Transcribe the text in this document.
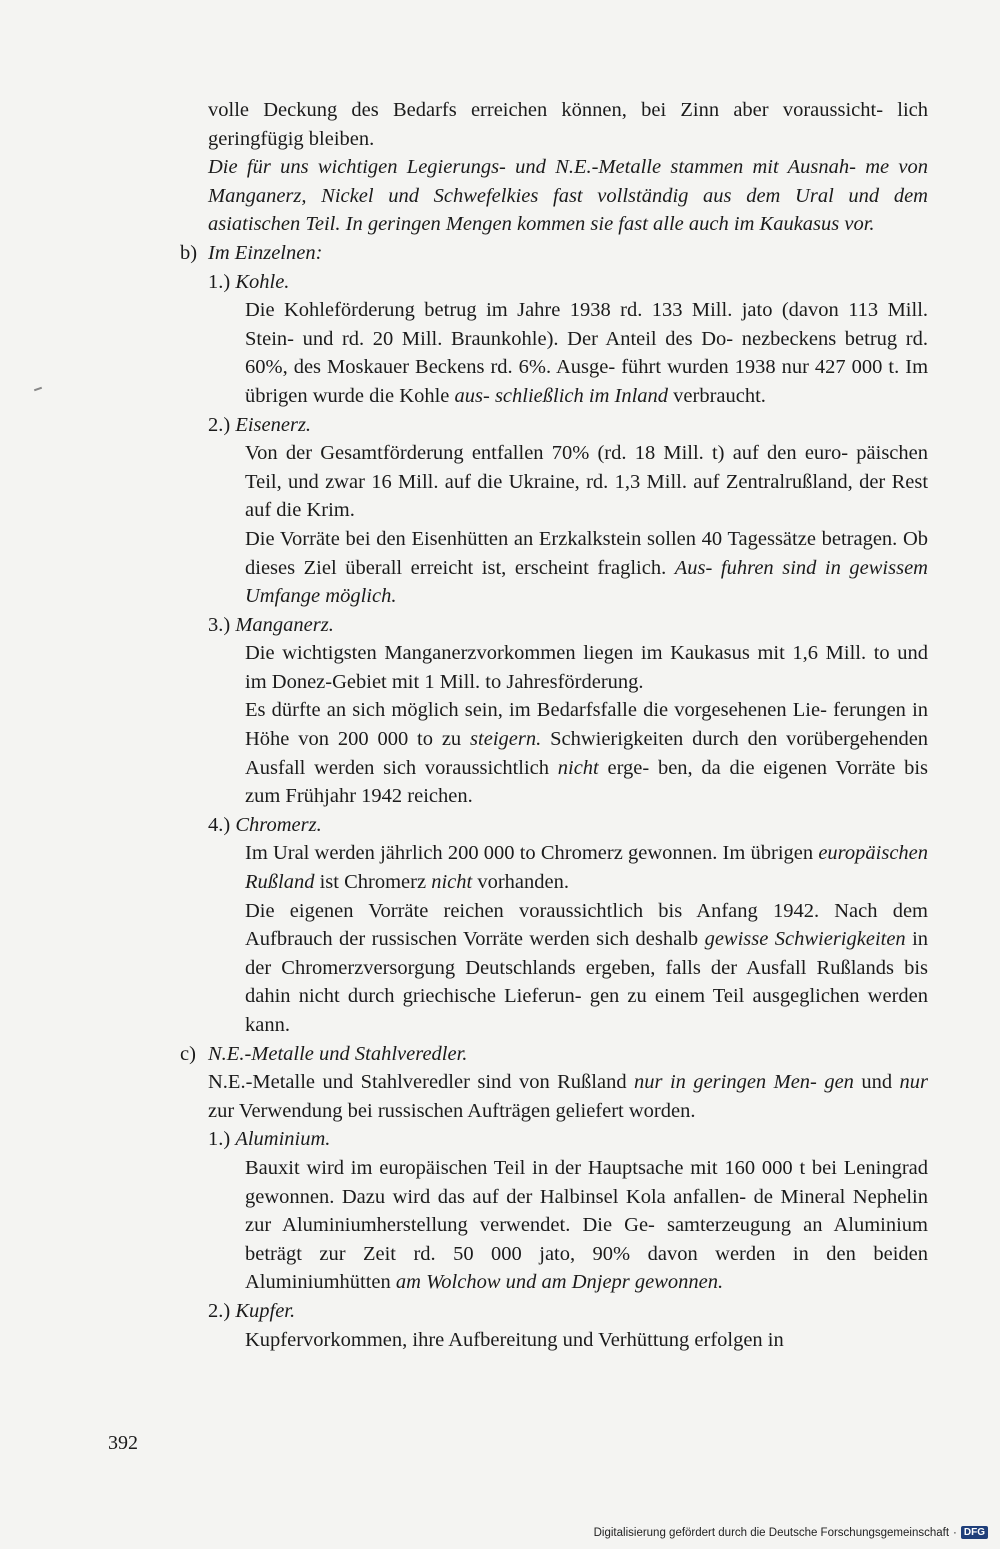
volle Deckung des Bedarfs erreichen können, bei Zinn aber voraussicht- lich geringfügig bleiben.

Die für uns wichtigen Legierungs- und N.E.-Metalle stammen mit Ausnah- me von Manganerz, Nickel und Schwefelkies fast vollständig aus dem Ural und dem asiatischen Teil. In geringen Mengen kommen sie fast alle auch im Kaukasus vor.

b) Im Einzelnen:

1.) Kohle.

Die Kohleförderung betrug im Jahre 1938 rd. 133 Mill. jato (davon 113 Mill. Stein- und rd. 20 Mill. Braunkohle). Der Anteil des Do- nezbeckens betrug rd. 60%, des Moskauer Beckens rd. 6%. Ausge- führt wurden 1938 nur 427 000 t. Im übrigen wurde die Kohle aus- schließlich im Inland verbraucht.

2.) Eisenerz.

Von der Gesamtförderung entfallen 70% (rd. 18 Mill. t) auf den euro- päischen Teil, und zwar 16 Mill. auf die Ukraine, rd. 1,3 Mill. auf Zentralrußland, der Rest auf die Krim.

Die Vorräte bei den Eisenhütten an Erzkalkstein sollen 40 Tagessätze betragen. Ob dieses Ziel überall erreicht ist, erscheint fraglich. Aus- fuhren sind in gewissem Umfange möglich.

3.) Manganerz.

Die wichtigsten Manganerzvorkommen liegen im Kaukasus mit 1,6 Mill. to und im Donez-Gebiet mit 1 Mill. to Jahresförderung.

Es dürfte an sich möglich sein, im Bedarfsfalle die vorgesehenen Lie- ferungen in Höhe von 200 000 to zu steigern. Schwierigkeiten durch den vorübergehenden Ausfall werden sich voraussichtlich nicht erge- ben, da die eigenen Vorräte bis zum Frühjahr 1942 reichen.

4.) Chromerz.

Im Ural werden jährlich 200 000 to Chromerz gewonnen. Im übrigen europäischen Rußland ist Chromerz nicht vorhanden.

Die eigenen Vorräte reichen voraussichtlich bis Anfang 1942. Nach dem Aufbrauch der russischen Vorräte werden sich deshalb gewisse Schwierigkeiten in der Chromerzversorgung Deutschlands ergeben, falls der Ausfall Rußlands bis dahin nicht durch griechische Lieferun- gen zu einem Teil ausgeglichen werden kann.

c) N.E.-Metalle und Stahlveredler.

N.E.-Metalle und Stahlveredler sind von Rußland nur in geringen Men- gen und nur zur Verwendung bei russischen Aufträgen geliefert worden.

1.) Aluminium.

Bauxit wird im europäischen Teil in der Hauptsache mit 160 000 t bei Leningrad gewonnen. Dazu wird das auf der Halbinsel Kola anfallen- de Mineral Nephelin zur Aluminiumherstellung verwendet. Die Ge- samterzeugung an Aluminium beträgt zur Zeit rd. 50 000 jato, 90% davon werden in den beiden Aluminiumhütten am Wolchow und am Dnjepr gewonnen.

2.) Kupfer.

Kupfervorkommen, ihre Aufbereitung und Verhüttung erfolgen in

392
Digitalisierung gefördert durch die Deutsche Forschungsgemeinschaft · DFG
